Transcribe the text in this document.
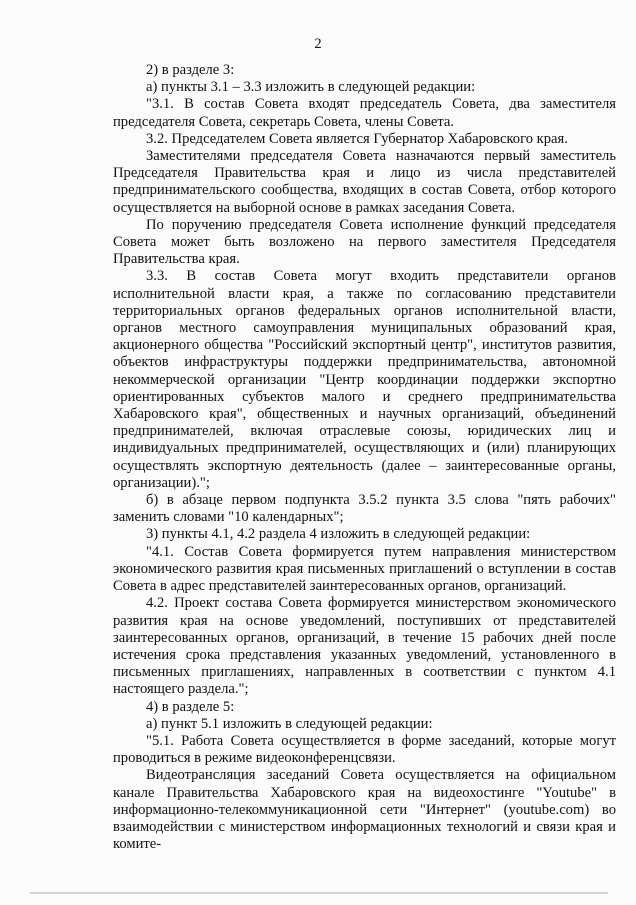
2

2) в разделе 3:

а) пункты 3.1 – 3.3 изложить в следующей редакции:

"3.1. В состав Совета входят председатель Совета, два заместителя председателя Совета, секретарь Совета, члены Совета.

3.2. Председателем Совета является Губернатор Хабаровского края.

Заместителями председателя Совета назначаются первый заместитель Председателя Правительства края и лицо из числа представителей предпринимательского сообщества, входящих в состав Совета, отбор которого осуществляется на выборной основе в рамках заседания Совета.

По поручению председателя Совета исполнение функций председателя Совета может быть возложено на первого заместителя Председателя Правительства края.

3.3. В состав Совета могут входить представители органов исполнительной власти края, а также по согласованию представители территориальных органов федеральных органов исполнительной власти, органов местного самоуправления муниципальных образований края, акционерного общества "Российский экспортный центр", институтов развития, объектов инфраструктуры поддержки предпринимательства, автономной некоммерческой организации "Центр координации поддержки экспортно ориентированных субъектов малого и среднего предпринимательства Хабаровского края", общественных и научных организаций, объединений предпринимателей, включая отраслевые союзы, юридических лиц и индивидуальных предпринимателей, осуществляющих и (или) планирующих осуществлять экспортную деятельность (далее – заинтересованные органы, организации).";

б) в абзаце первом подпункта 3.5.2 пункта 3.5 слова "пять рабочих" заменить словами "10 календарных";

3) пункты 4.1, 4.2 раздела 4 изложить в следующей редакции:

"4.1. Состав Совета формируется путем направления министерством экономического развития края письменных приглашений о вступлении в состав Совета в адрес представителей заинтересованных органов, организаций.

4.2. Проект состава Совета формируется министерством экономического развития края на основе уведомлений, поступивших от представителей заинтересованных органов, организаций, в течение 15 рабочих дней после истечения срока представления указанных уведомлений, установленного в письменных приглашениях, направленных в соответствии с пунктом 4.1 настоящего раздела.";

4) в разделе 5:

а) пункт 5.1 изложить в следующей редакции:

"5.1. Работа Совета осуществляется в форме заседаний, которые могут проводиться в режиме видеоконференцсвязи.

Видеотрансляция заседаний Совета осуществляется на официальном канале Правительства Хабаровского края на видеохостинге "Youtube" в информационно-телекоммуникационной сети "Интернет" (youtube.com) во взаимодействии с министерством информационных технологий и связи края и комите-
